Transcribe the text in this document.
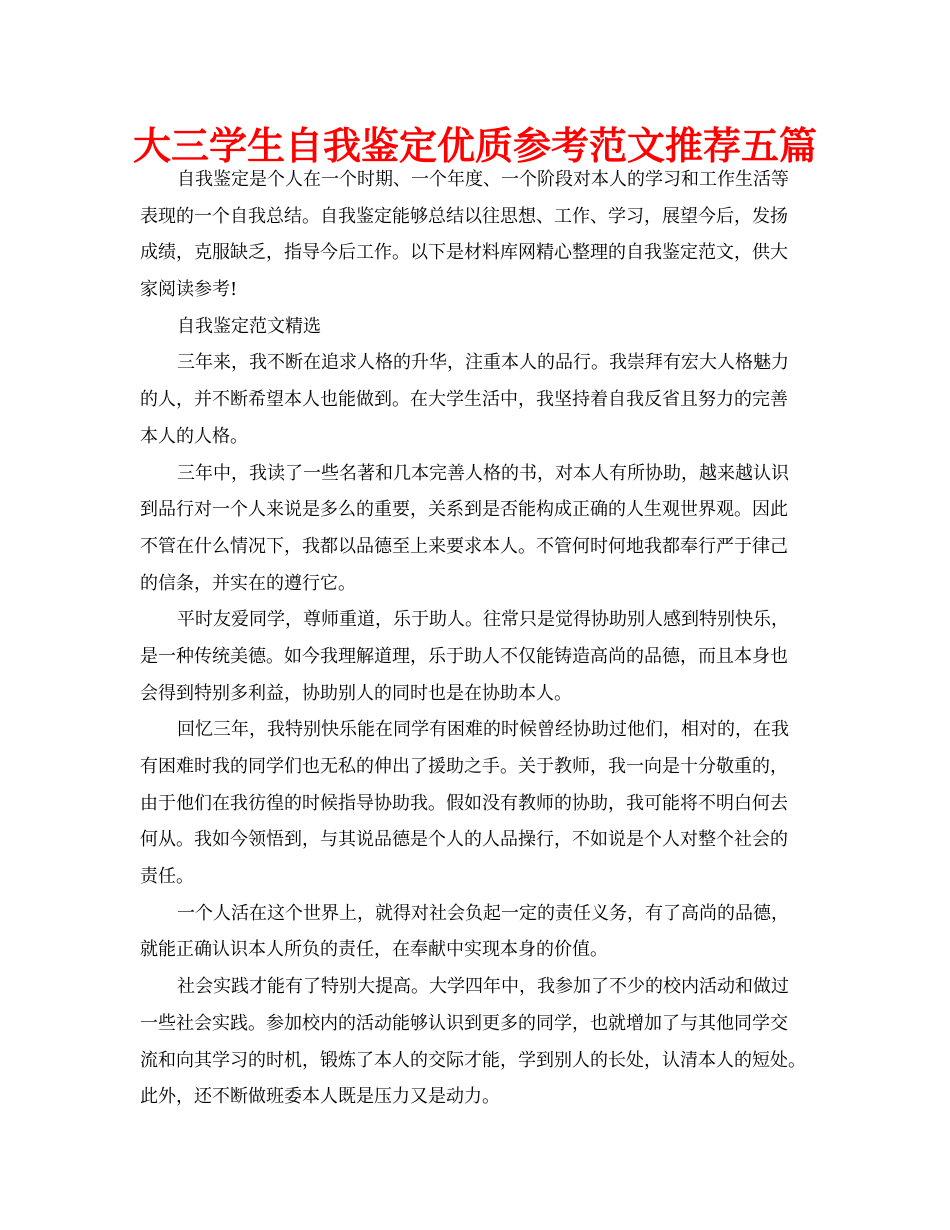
大三学生自我鉴定优质参考范文推荐五篇
自我鉴定是个人在一个时期、一个年度、一个阶段对本人的学习和工作生活等
表现的一个自我总结。自我鉴定能够总结以往思想、工作、学习，展望今后，发扬
成绩，克服缺乏，指导今后工作。以下是材料库网精心整理的自我鉴定范文，供大
家阅读参考!
自我鉴定范文精选
三年来，我不断在追求人格的升华，注重本人的品行。我崇拜有宏大人格魅力
的人，并不断希望本人也能做到。在大学生活中，我坚持着自我反省且努力的完善
本人的人格。
三年中，我读了一些名著和几本完善人格的书，对本人有所协助，越来越认识
到品行对一个人来说是多么的重要，关系到是否能构成正确的人生观世界观。因此
不管在什么情况下，我都以品德至上来要求本人。不管何时何地我都奉行严于律己
的信条，并实在的遵行它。
平时友爱同学，尊师重道，乐于助人。往常只是觉得协助别人感到特别快乐，
是一种传统美德。如今我理解道理，乐于助人不仅能铸造高尚的品德，而且本身也
会得到特别多利益，协助别人的同时也是在协助本人。
回忆三年，我特别快乐能在同学有困难的时候曾经协助过他们，相对的，在我
有困难时我的同学们也无私的伸出了援助之手。关于教师，我一向是十分敬重的，
由于他们在我彷徨的时候指导协助我。假如没有教师的协助，我可能将不明白何去
何从。我如今领悟到，与其说品德是个人的人品操行，不如说是个人对整个社会的
责任。
一个人活在这个世界上，就得对社会负起一定的责任义务，有了高尚的品德，
就能正确认识本人所负的责任，在奉献中实现本身的价值。
社会实践才能有了特别大提高。大学四年中，我参加了不少的校内活动和做过
一些社会实践。参加校内的活动能够认识到更多的同学，也就增加了与其他同学交
流和向其学习的时机，锻炼了本人的交际才能，学到别人的长处，认清本人的短处。
此外，还不断做班委本人既是压力又是动力。
